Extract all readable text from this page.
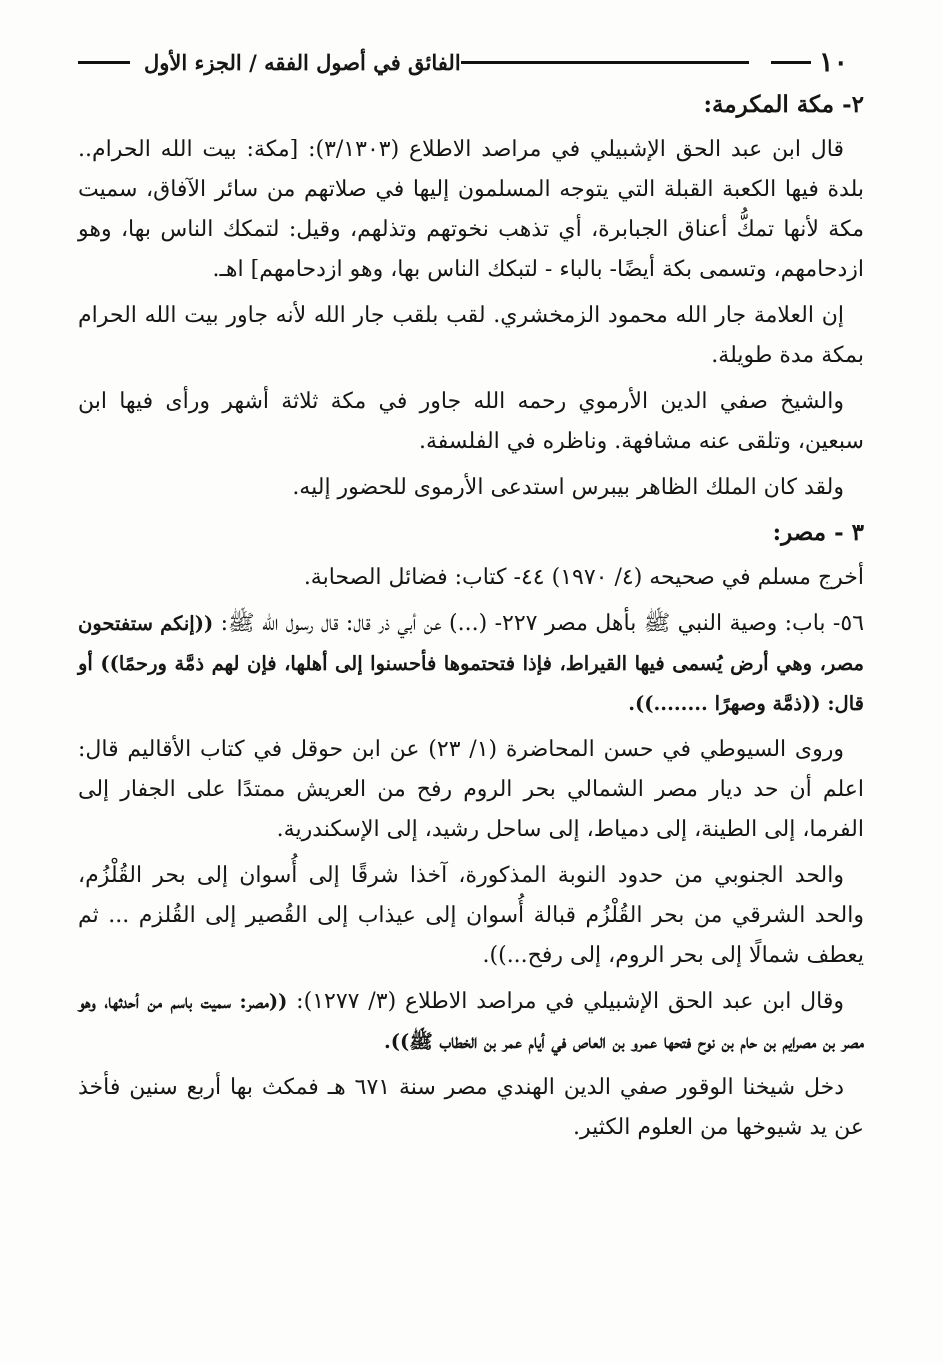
١٠
الفائق في أصول الفقه / الجزء الأول
٢- مكة المكرمة:

قال ابن عبد الحق الإشبيلي في مراصد الاطلاع (٣/١٣٠٣): [مكة: بيت الله الحرام.. بلدة فيها الكعبة القبلة التي يتوجه المسلمون إليها في صلاتهم من سائر الآفاق، سميت مكة لأنها تمكُّ أعناق الجبابرة، أي تذهب نخوتهم وتذلهم، وقيل: لتمكك الناس بها، وهو ازدحامهم، وتسمى بكة أيضًا- بالباء - لتبكك الناس بها، وهو ازدحامهم] اهـ.

إن العلامة جار الله محمود الزمخشري. لقب بلقب جار الله لأنه جاور بيت الله الحرام بمكة مدة طويلة.

والشيخ صفي الدين الأرموي رحمه الله جاور في مكة ثلاثة أشهر ورأى فيها ابن سبعين، وتلقى عنه مشافهة. وناظره في الفلسفة.

ولقد كان الملك الظاهر بيبرس استدعى الأرموى للحضور إليه.

٣ - مصر:

أخرج مسلم في صحيحه (٤/ ١٩٧٠) ٤٤- كتاب: فضائل الصحابة.

٥٦- باب: وصية النبي ﷺ بأهل مصر ٢٢٧- (...) عن أبي ذر قال: قال رسول الله ﷺ: ((إنكم ستفتحون مصر، وهي أرض يُسمى فيها القيراط، فإذا فتحتموها فأحسنوا إلى أهلها، فإن لهم ذمَّة ورحمًا)) أو قال: ((ذمَّة وصهرًا ........)).

وروى السيوطي في حسن المحاضرة (١/ ٢٣) عن ابن حوقل في كتاب الأقاليم قال: اعلم أن حد ديار مصر الشمالي بحر الروم رفح من العريش ممتدًا على الجفار إلى الفرما، إلى الطينة، إلى دمياط، إلى ساحل رشيد، إلى الإسكندرية.

والحد الجنوبي من حدود النوبة المذكورة، آخذا شرقًا إلى أُسوان إلى بحر القُلْزُم، والحد الشرقي من بحر القُلْزُم قبالة أُسوان إلى عيذاب إلى القُصير إلى القُلزم ... ثم يعطف شمالًا إلى بحر الروم، إلى رفح...)).

وقال ابن عبد الحق الإشبيلي في مراصد الاطلاع (٣/ ١٢٧٧): ((مصر: سميت باسم من أحدثها، وهو مصر بن مصرايم بن حام بن نوح فتحها عمرو بن العاص في أيام عمر بن الخطاب ﷺ)).

دخل شيخنا الوقور صفي الدين الهندي مصر سنة ٦٧١ هـ فمكث بها أربع سنين فأخذ عن يد شيوخها من العلوم الكثير.
